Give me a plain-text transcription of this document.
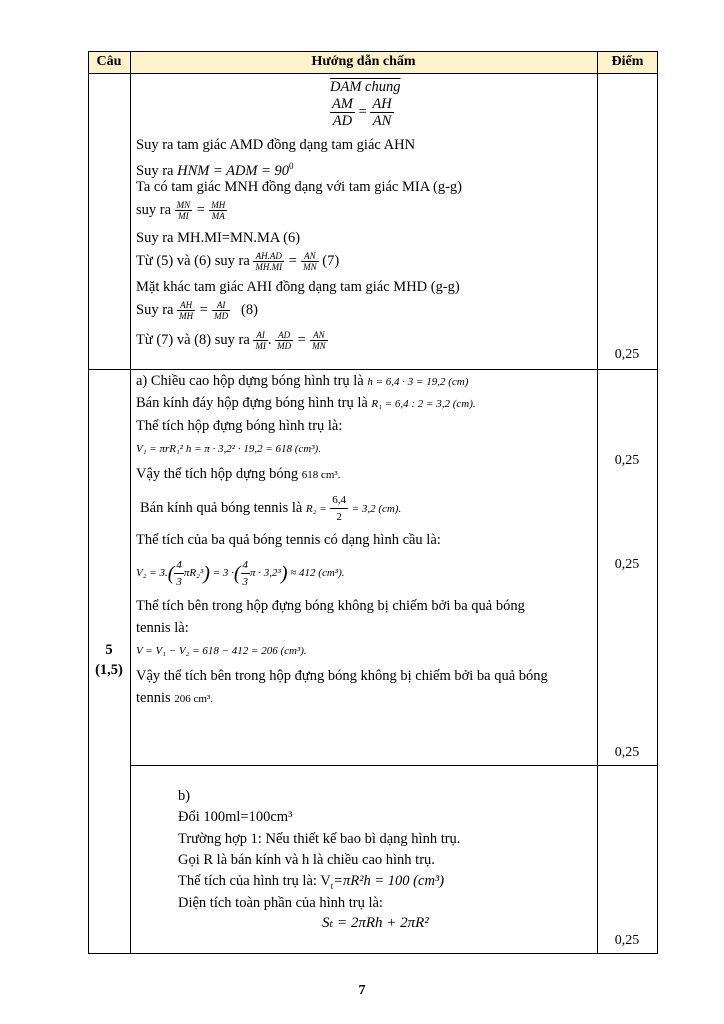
Câu	Hướng dẫn chấm	Điểm
DAM chung
$\frac{AM}{AD} = \frac{AH}{AN}$
Suy ra tam giác AMD đồng dạng tam giác AHN
Suy ra HNM = ADM = $90^0$
Ta có tam giác MNH đồng dạng với tam giác MIA (g-g)
suy ra $\frac{MN}{MI} = \frac{MH}{MA}$
Suy ra MH.MI=MN.MA (6)
Từ (5) và (6) suy ra $\frac{AH.AD}{MH.MI} = \frac{AN}{MN} (7)$
Mặt khác tam giác AHI đồng dạng tam giác MHD (g-g)
Suy ra $\frac{AH}{MH} = \frac{AI}{MD} (8)$
Từ (7) và (8) suy ra $\frac{AI}{MI}$ . $\frac{AD}{MD} = \frac{AN}{MN}$
0,25
5
(1,5)
a) Chiều cao hộp dựng bóng hình trụ là h = 6,4 · 3 = 19,2 (cm)
Bán kính đáy hộp đựng bóng hình trụ là R₁ = 6,4 : 2 = 3,2 (cm).
Thể tích hộp đựng bóng hình trụ là:
V₁ = πrR₁² h = π · 3,2² · 19,2 = 618 (cm³).
Vậy thể tích hộp dựng bóng 618 cm³.
0,25
Bán kính quả bóng tennis là $R_2 = \frac{6,4}{2} = 3,2$ (cm).
Thể tích của ba quả bóng tennis có dạng hình cầu là:
$V_2 = 3.( \frac{4}{3} \pi R_2^3) = 3$ ·( $\frac{4}{3}$ π · 3,2³) ≈ 412 (cm³).
0,25
Thể tích bên trong hộp đựng bóng không bị chiếm bởi ba quả bóng
tennis là:
V = V₁ − V₂ = 618 − 412 = 206 (cm³).
Vậy thể tích bên trong hộp đựng bóng không bị chiếm bởi ba quả bóng
tennis 206 cm³.
0,25
b)
Đổi 100ml=100cm³
Trường hợp 1: Nếu thiết kế bao bì dạng hình trụ.
Gọi R là bán kính và h là chiều cao hình trụ.
Thể tích của hình trụ là: $V_t=\pi R^2h = 100$ (cm³)
Diện tích toàn phần của hình trụ là:
Sₜ = 2πRh + 2πR²
0,25
7
